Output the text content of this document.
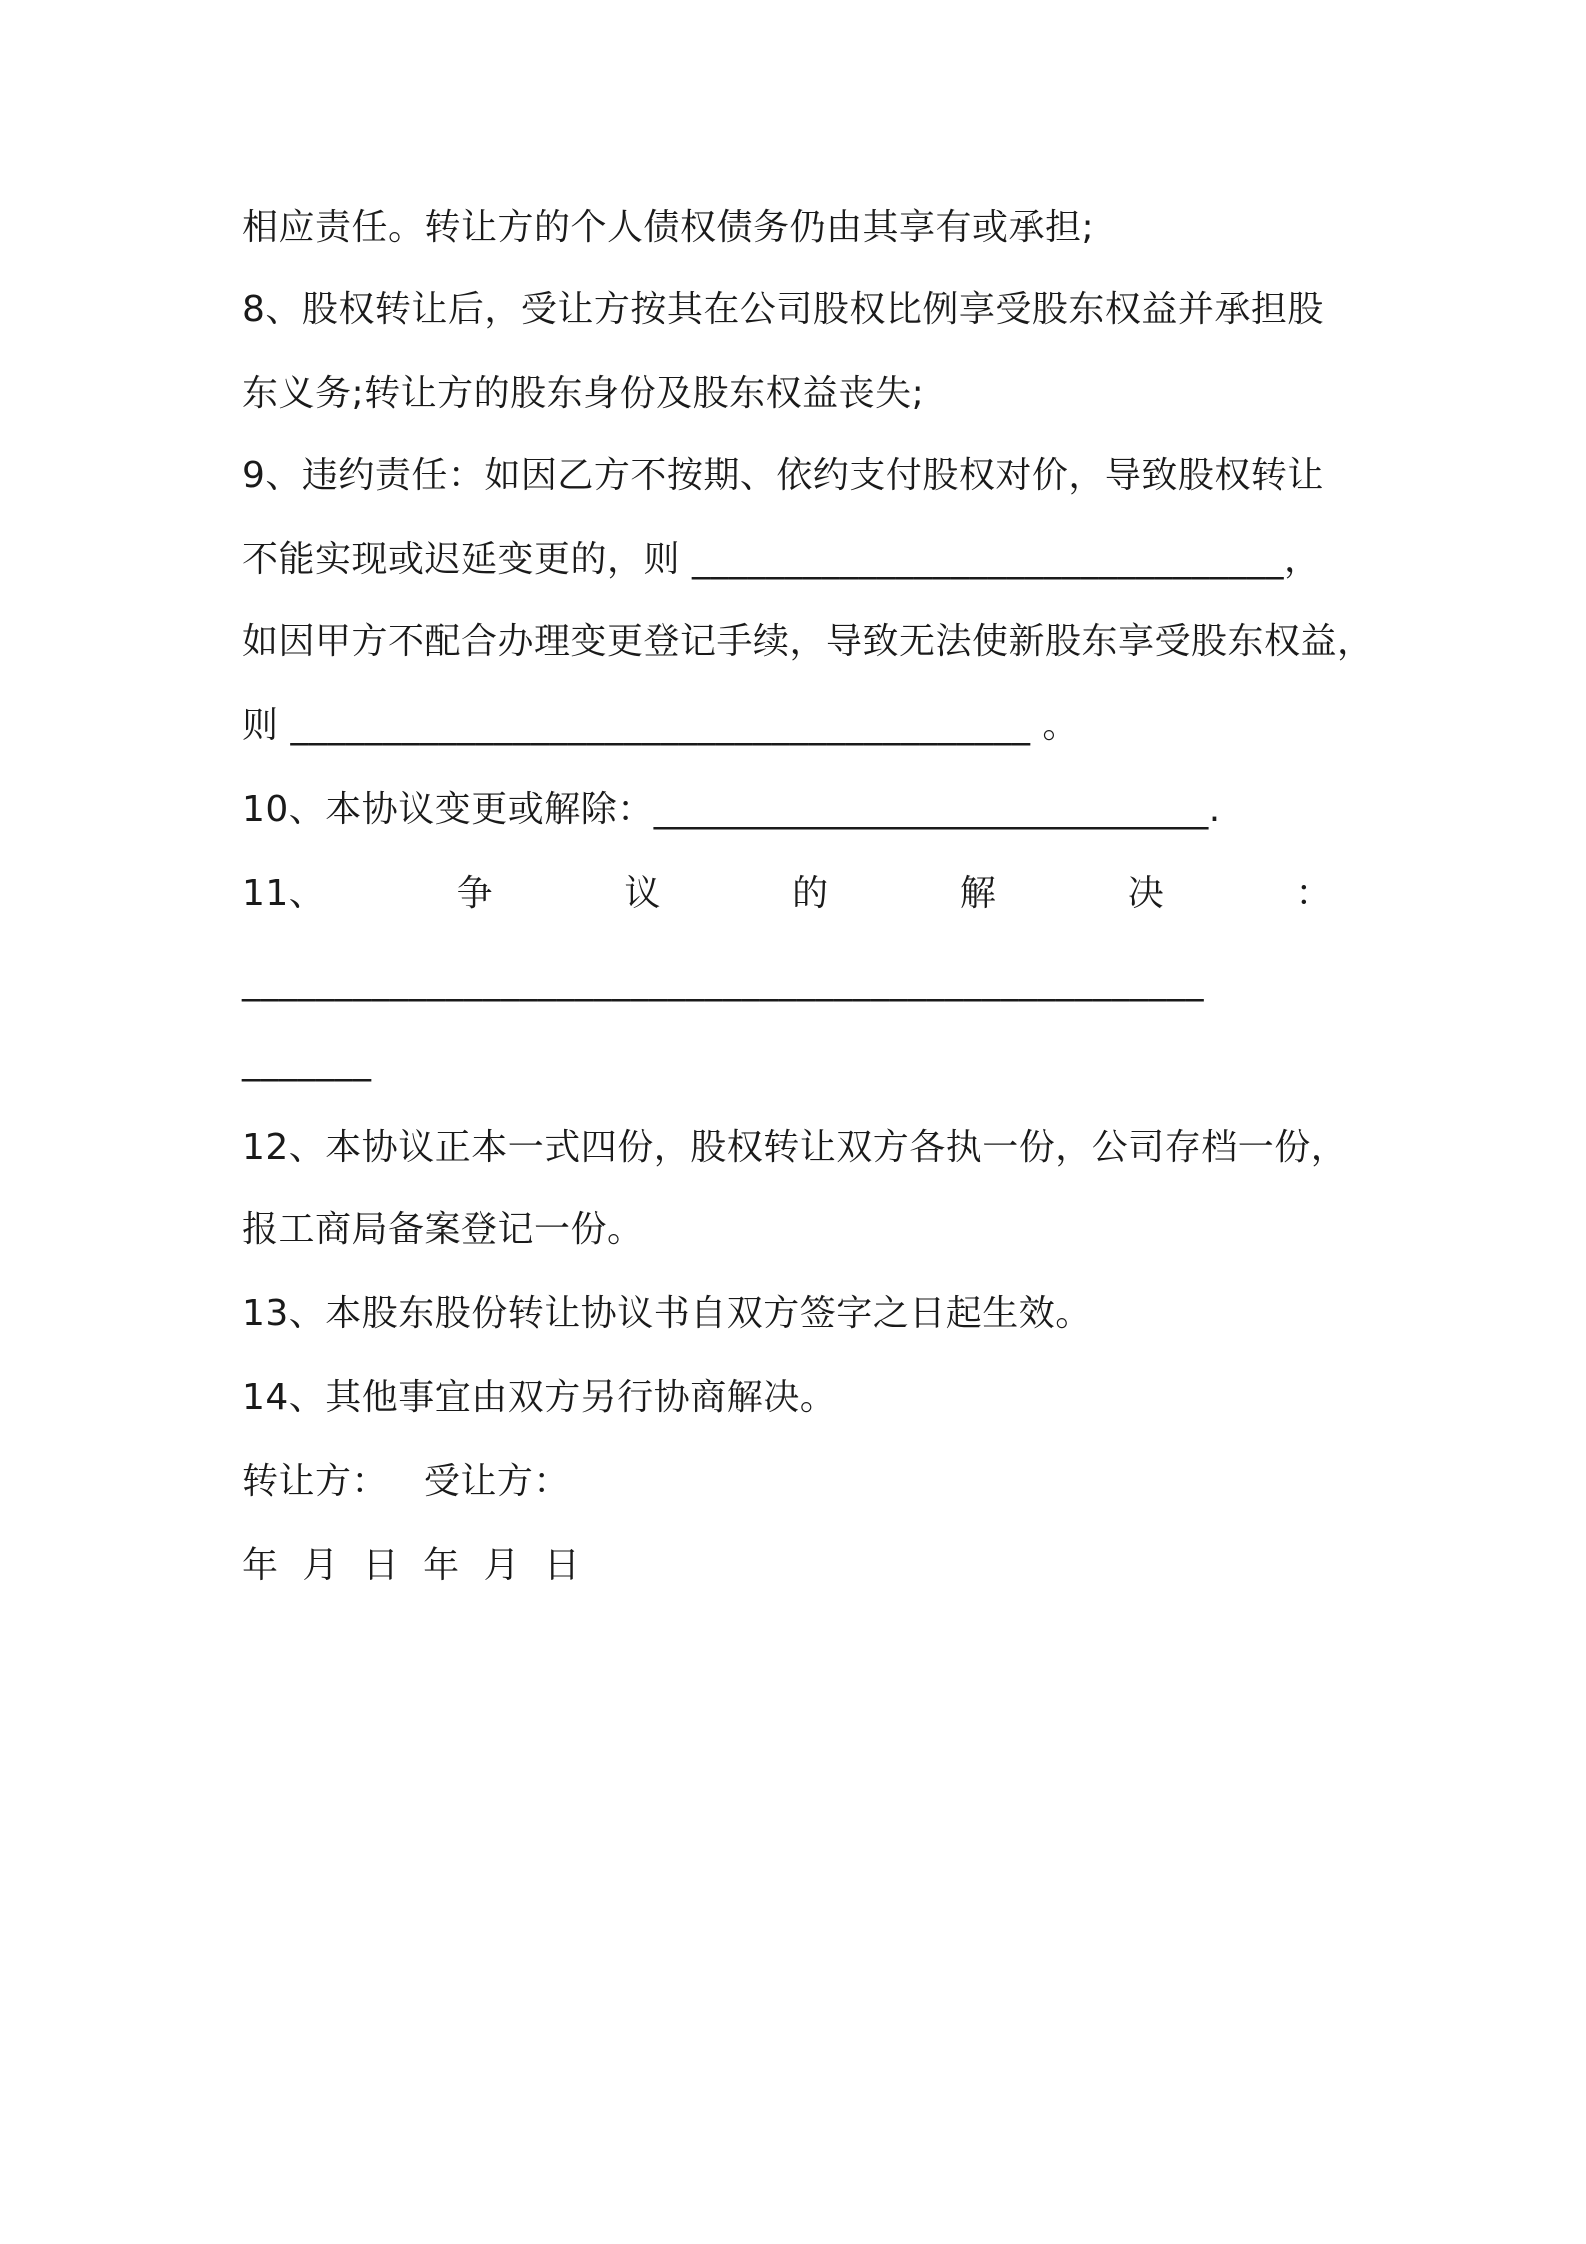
相应责任。转让方的个人债权债务仍由其享有或承担;
8、股权转让后，受让方按其在公司股权比例享受股东权益并承担股
东义务;转让方的股东身份及股东权益丧失;
9、违约责任：如因乙方不按期、依约支付股权对价，导致股权转让
不能实现或迟延变更的，则 ________________________________，
如因甲方不配合办理变更登记手续，导致无法使新股东享受股东权益，
则 ________________________________________ 。
10、本协议变更或解除：______________________________.
11、	争	议	的	解	决	：
____________________________________________________
_______
12、本协议正本一式四份，股权转让双方各执一份，公司存档一份，
报工商局备案登记一份。
13、本股东股份转让协议书自双方签字之日起生效。
14、其他事宜由双方另行协商解决。
转让方：   受让方：
年  月  日  年  月  日
